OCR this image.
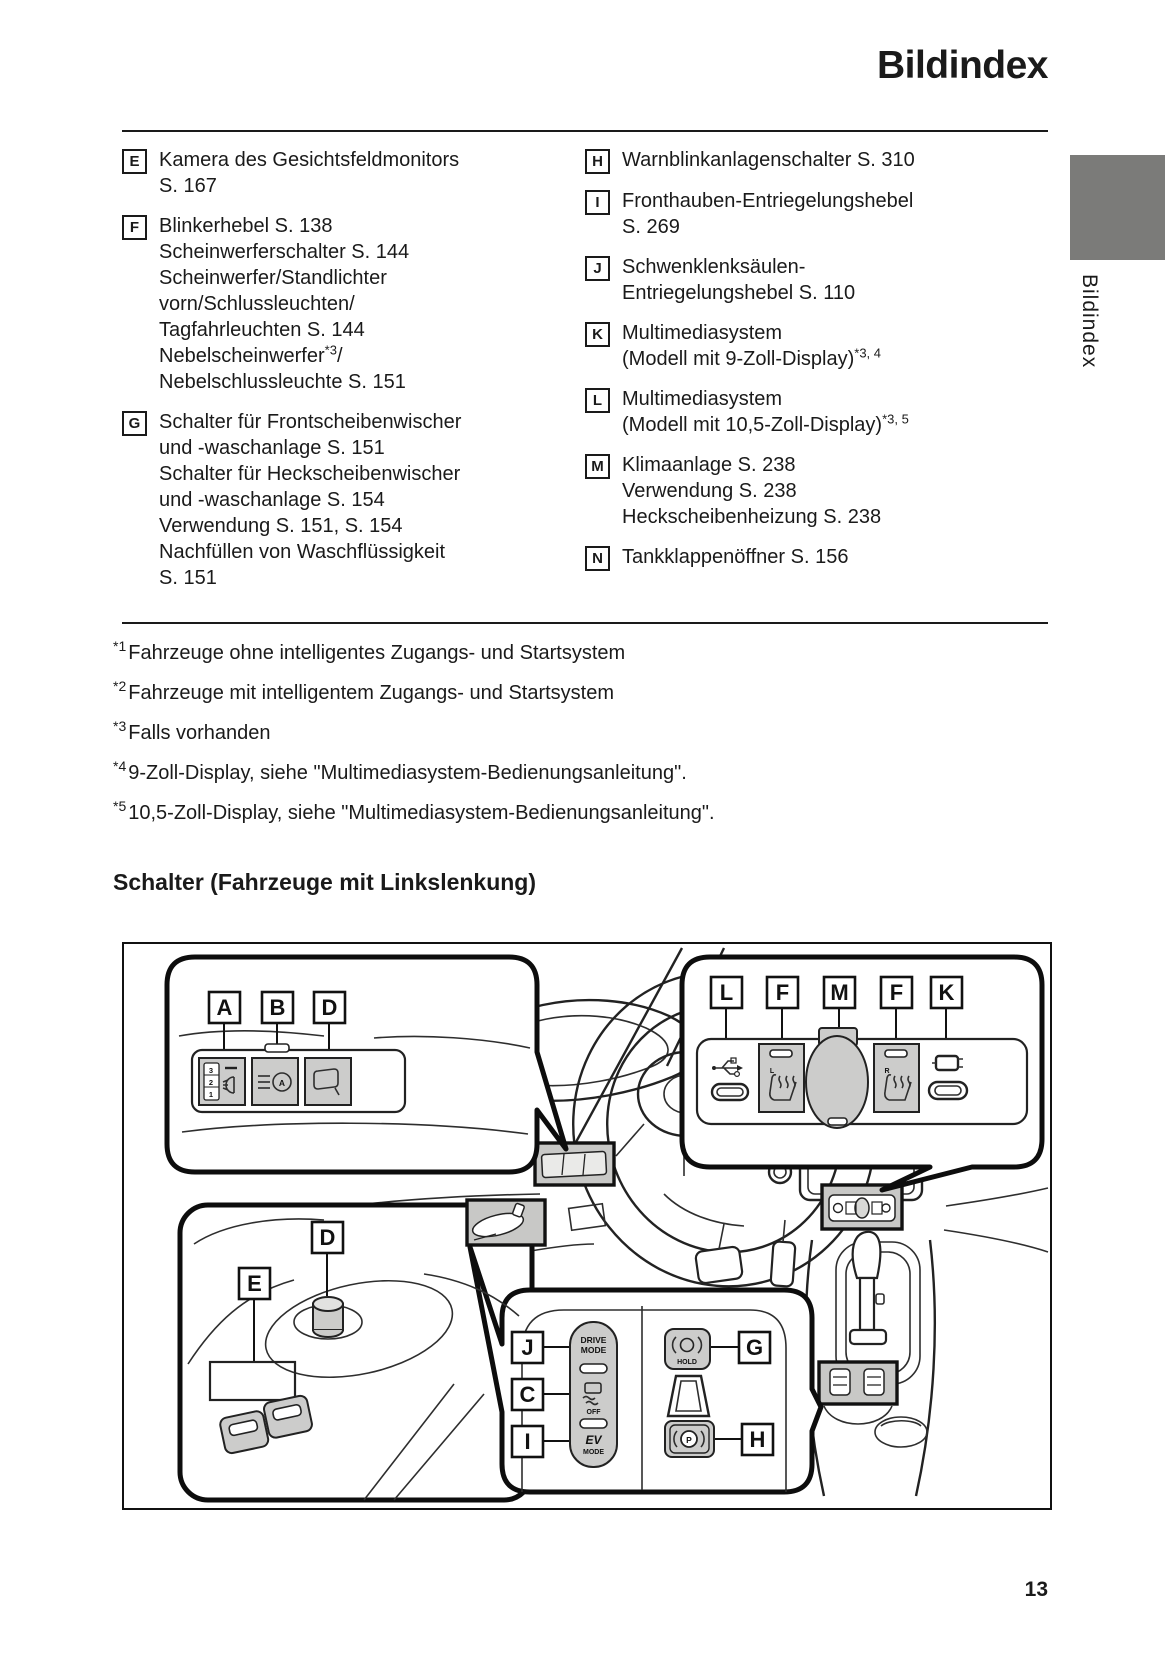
Bildindex
E Kamera des Gesichtsfeldmonitors
S. 167
F Blinkerhebel S. 138
Scheinwerferschalter S. 144
Scheinwerfer/Standlichter
vorn/Schlussleuchten/
Tagfahrleuchten S. 144
Nebelscheinwerfer$^{*3}$/
Nebelschlussleuchte S. 151
G Schalter für Frontscheibenwischer
und -waschanlage S. 151
Schalter für Heckscheibenwischer
und -waschanlage S. 154
Verwendung S. 151, S. 154
Nachfüllen von Waschflüssigkeit
S. 151
H Warnblinkanlagenschalter S. 310
I	Fronthauben-Entriegelungshebel
S. 269
J	Schwenklenksäulen-
Entriegelungshebel S. 110
K Multimediasystem
(Modell mit 9-Zoll-Display)$^{*3, 4}$
L Multimediasystem
(Modell mit 10,5-Zoll-Display)$^{*3, 5}$
M Klimaanlage S. 238
Verwendung S. 238
Heckscheibenheizung S. 238
N Tankklappenöffner S. 156
$^{*1}$ Fahrzeuge ohne intelligentes Zugangs- und Startsystem
$^{*2}$ Fahrzeuge mit intelligentem Zugangs- und Startsystem
$^{*3}$ Falls vorhanden
$^{*4}$ 9-Zoll-Display, siehe "Multimediasystem-Bedienungsanleitung".
$^{*5}$ 10,5-Zoll-Display, siehe "Multimediasystem-Bedienungsanleitung".
Schalter (Fahrzeuge mit Linkslenkung)
3
2
1
A
A B D
L	R
L F M F K
D
E
DRIVE
MODE
OFF
EV
MODE
HOLD
P
J
C
I
G
H
13
Bildindex
